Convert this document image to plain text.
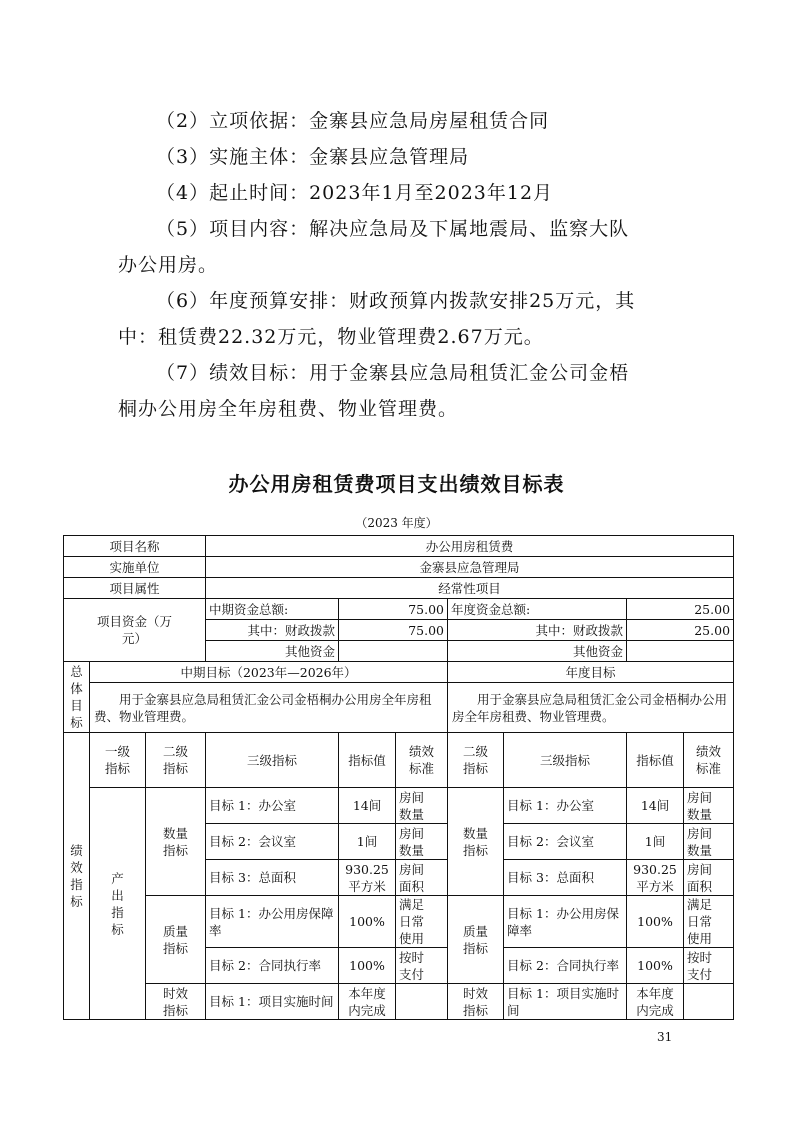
（2）立项依据：金寨县应急局房屋租赁合同
（3）实施主体：金寨县应急管理局
（4）起止时间：2023年1月至2023年12月
（5）项目内容：解决应急局及下属地震局、监察大队
办公用房。
（6）年度预算安排：财政预算内拨款安排25万元，其
中：租赁费22.32万元，物业管理费2.67万元。
（7）绩效目标：用于金寨县应急局租赁汇金公司金梧
桐办公用房全年房租费、物业管理费。
办公用房租赁费项目支出绩效目标表
（2023 年度）
项目名称			办公用房租赁费						
实施单位			金寨县应急管理局						
项目属性			经常性项目						

项目资金（万元）			中期资金总额:	75.00		年度资金总额:		25.00	
			其中：财政拨款	75.00		其中：财政拨款		25.00	
			其他资金			其他资金			

总体目标	中期目标（2023年—2026年）					年度目标			
	用于金寨县应急局租赁汇金公司金梧桐办公用房全年房租费、物业管理费。					用于金寨县应急局租赁汇金公司金梧桐办公用房全年房租费、物业管理费。			

绩效指标	一级指标	二级指标	三级指标	指标值	绩效标准	二级指标	三级指标	指标值	绩效标准

	产出指标	数量指标	目标 1：办公室	14间	房间数量	数量指标	目标 1：办公室	14间	房间数量

			目标 2：会议室	1间	房间数量		目标 2：会议室	1间	房间数量

			目标 3：总面积	930.25平方米	房间面积		目标 3：总面积	930.25平方米	房间面积

		质量指标	目标 1：办公用房保障率	100%	满足日常使用	质量指标	目标 1：办公用房保障率	100%	满足日常使用

			目标 2：合同执行率	100%	按时支付		目标 2：合同执行率	100%	按时支付

		时效指标	目标 1：项目实施时间	本年度内完成		时效指标	目标 1：项目实施时间	本年度内完成	

31
